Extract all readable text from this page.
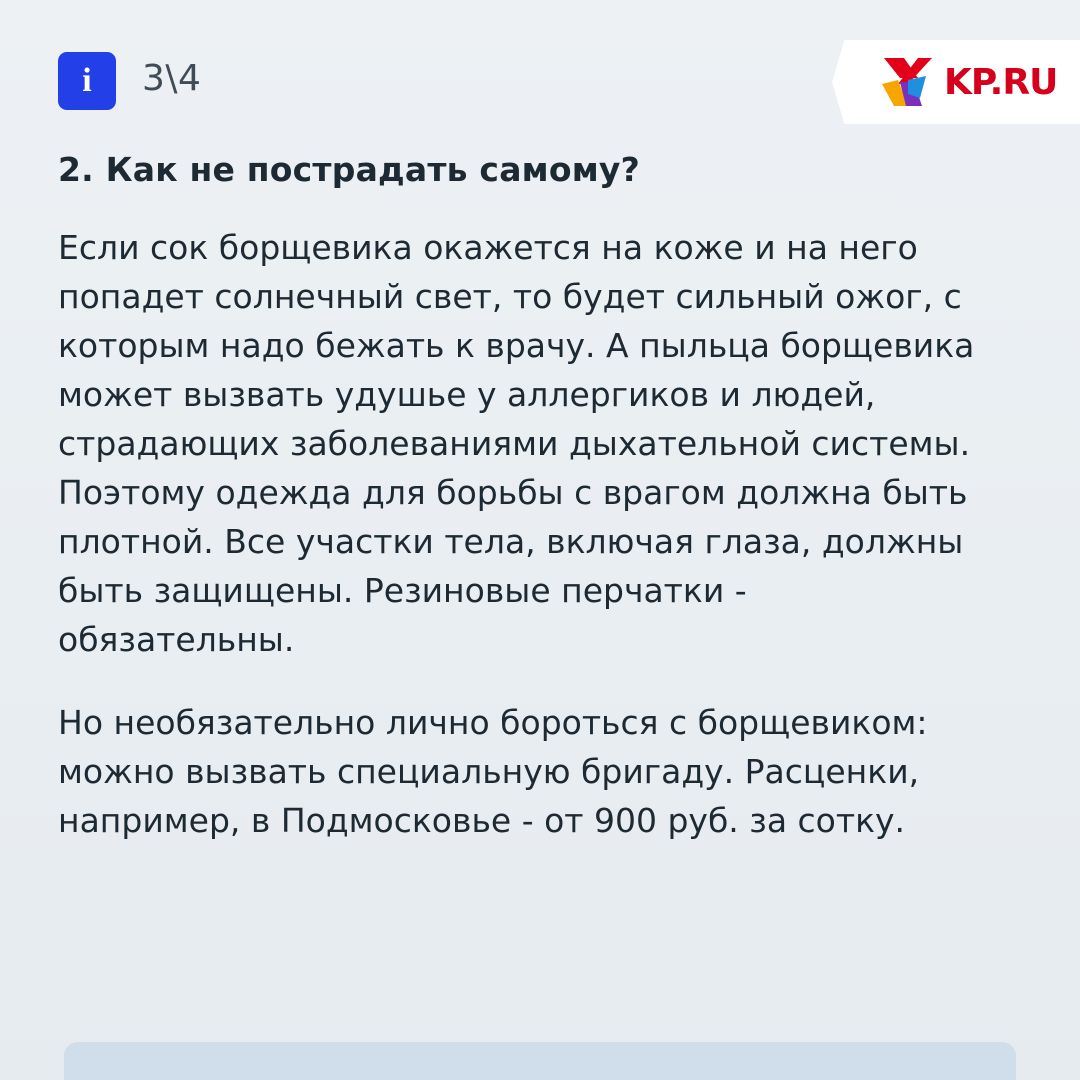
i 3\4	KP.RU
2. Как не пострадать самому?

Если сок борщевика окажется на коже и на него попадет солнечный свет, то будет сильный ожог, с которым надо бежать к врачу. А пыльца борщевика может вызвать удушье у аллергиков и людей, страдающих заболеваниями дыхательной системы. Поэтому одежда для борьбы с врагом должна быть плотной. Все участки тела, включая глаза, должны быть защищены. Резиновые перчатки - обязательны.

Но необязательно лично бороться с борщевиком: можно вызвать специальную бригаду. Расценки, например, в Подмосковье - от 900 руб. за сотку.
